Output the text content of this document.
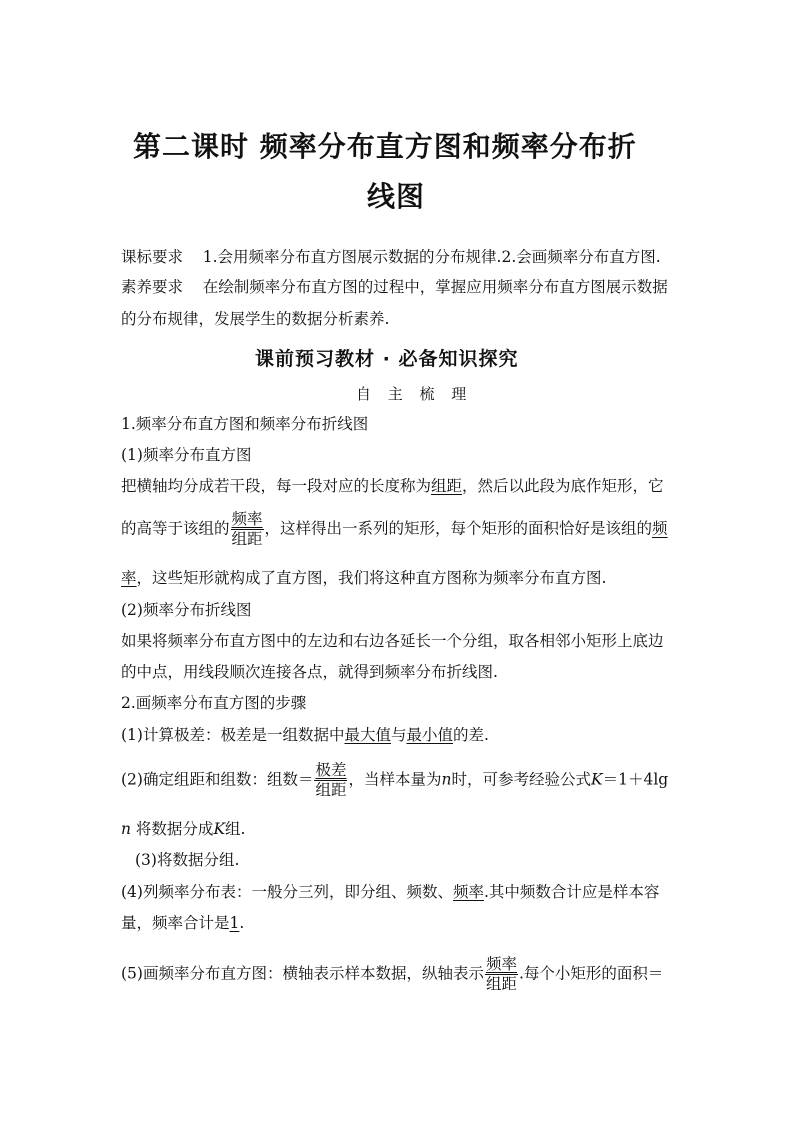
第二课时 频率分布直方图和频率分布折
线图
课标要求 1.会用频率分布直方图展示数据的分布规律.2.会画频率分布直方图.
素养要求 在绘制频率分布直方图的过程中，掌握应用频率分布直方图展示数据
的分布规律，发展学生的数据分析素养.
课前预习教材 · 必备知识探究
自 主 梳 理
1.频率分布直方图和频率分布折线图
(1)频率分布直方图
把横轴均分成若干段，每一段对应的长度称为组距，然后以此段为底作矩形，它
的高等于该组的 $\frac{\text{频率}}{\text{组距}}$ ，这样得出一系列的矩形，每个矩形的面积恰好是该组的频
率，这些矩形就构成了直方图，我们将这种直方图称为频率分布直方图.
(2)频率分布折线图
如果将频率分布直方图中的左边和右边各延长一个分组，取各相邻小矩形上底边
的中点，用线段顺次连接各点，就得到频率分布折线图.
2.画频率分布直方图的步骤
(1)计算极差：极差是一组数据中最大值与最小值的差.
(2)确定组距和组数：组数＝ $\frac{\text{极差}}{\text{组距}}$ ，当样本量为n时，可参考经验公式K＝1＋4lg
n 将数据分成K组.
(3)将数据分组.
(4)列频率分布表：一般分三列，即分组、频数、频率.其中频数合计应是样本容
量，频率合计是1.
(5)画频率分布直方图：横轴表示样本数据，纵轴表示 $\frac{\text{频率}}{\text{组距}}$ .每个小矩形的面积＝
